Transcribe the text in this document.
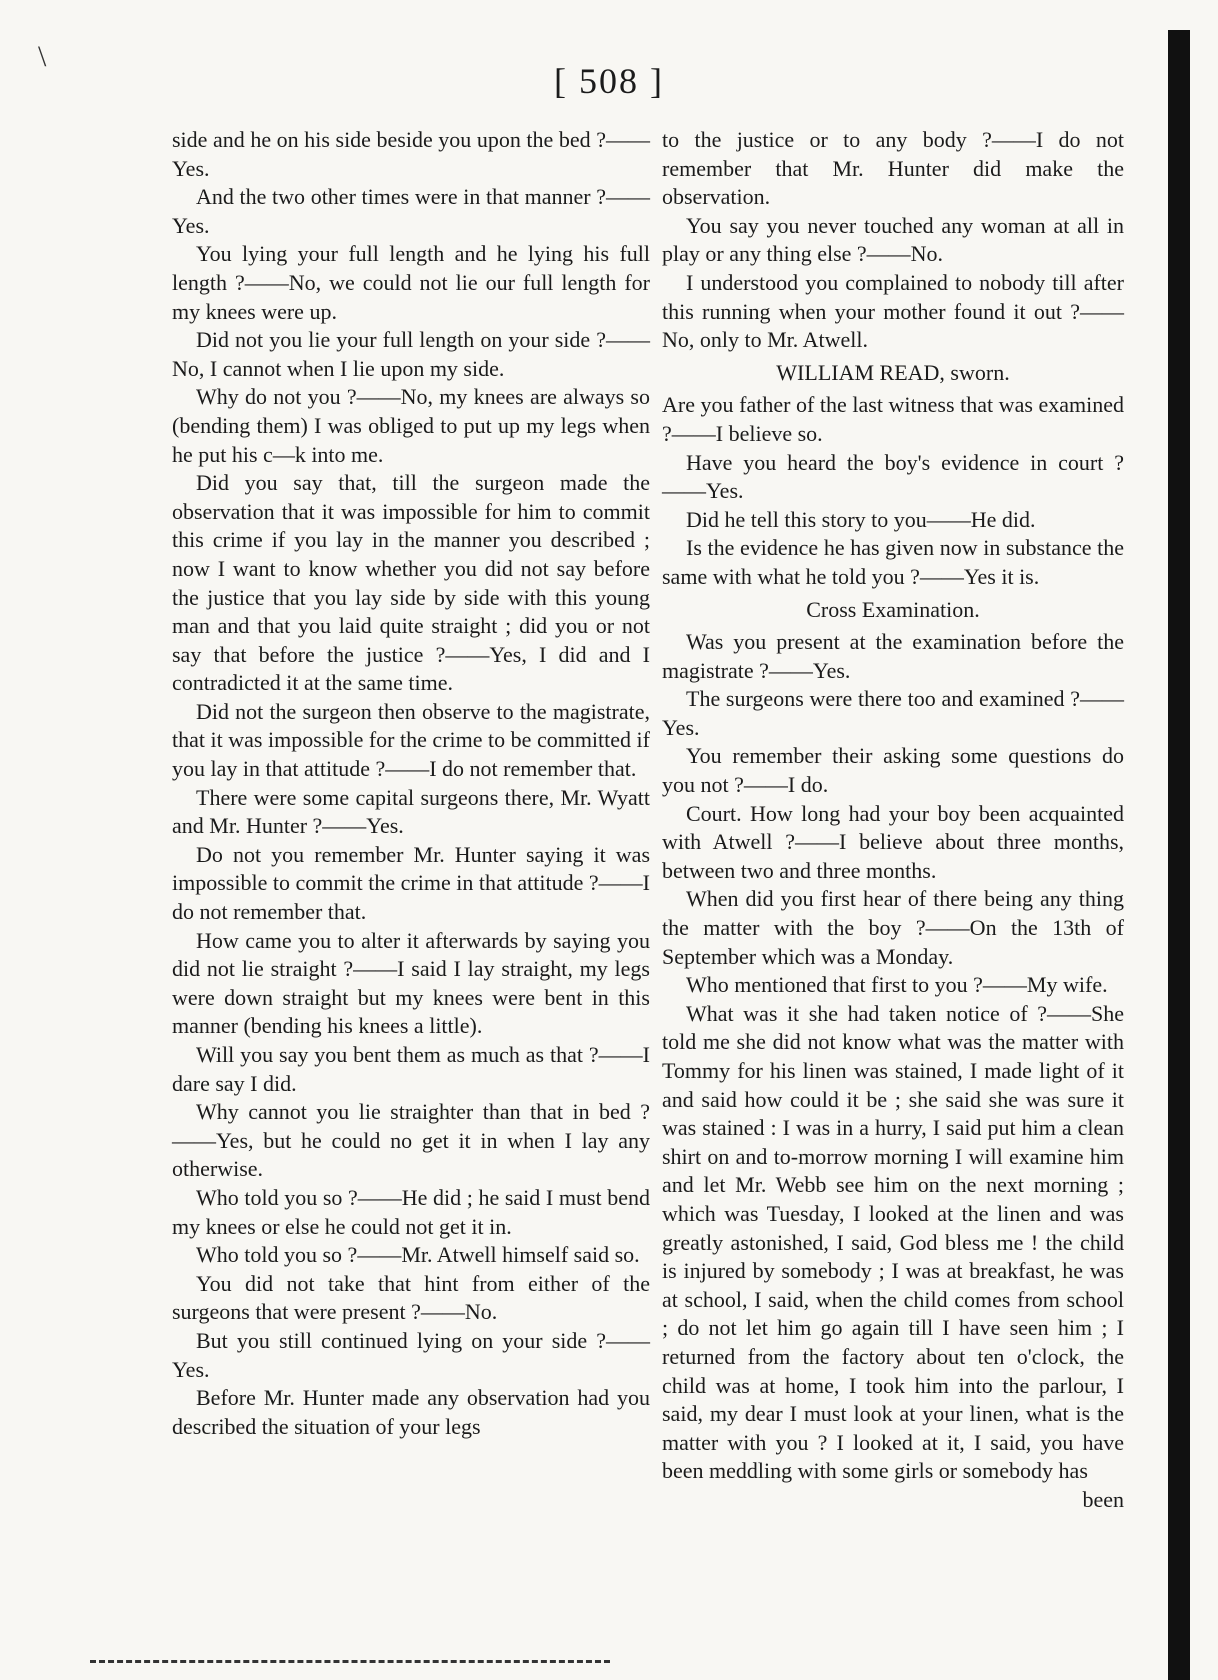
\
[ 508 ]

side and he on his side beside you upon the bed ?——Yes.

And the two other times were in that manner ?——Yes.

You lying your full length and he lying his full length ?——No, we could not lie our full length for my knees were up.

Did not you lie your full length on your side ?——No, I cannot when I lie upon my side.

Why do not you ?——No, my knees are always so (bending them) I was obliged to put up my legs when he put his c—k into me.

Did you say that, till the surgeon made the observation that it was impossible for him to commit this crime if you lay in the manner you described ; now I want to know whether you did not say before the justice that you lay side by side with this young man and that you laid quite straight ; did you or not say that before the justice ?——Yes, I did and I contradicted it at the same time.

Did not the surgeon then observe to the magistrate, that it was impossible for the crime to be committed if you lay in that attitude ?——I do not remember that.

There were some capital surgeons there, Mr. Wyatt and Mr. Hunter ?——Yes.

Do not you remember Mr. Hunter saying it was impossible to commit the crime in that attitude ?——I do not remember that.

How came you to alter it afterwards by saying you did not lie straight ?——I said I lay straight, my legs were down straight but my knees were bent in this manner (bending his knees a little).

Will you say you bent them as much as that ?——I dare say I did.

Why cannot you lie straighter than that in bed ?——Yes, but he could no get it in when I lay any otherwise.

Who told you so ?——He did ; he said I must bend my knees or else he could not get it in.

Who told you so ?——Mr. Atwell himself said so.

You did not take that hint from either of the surgeons that were present ?——No.

But you still continued lying on your side ?——Yes.

Before Mr. Hunter made any observation had you described the situation of your legs

to the justice or to any body ?——I do not remember that Mr. Hunter did make the observation.

You say you never touched any woman at all in play or any thing else ?——No.

I understood you complained to nobody till after this running when your mother found it out ?——No, only to Mr. Atwell.

WILLIAM READ, sworn.

Are you father of the last witness that was examined ?——I believe so.

Have you heard the boy's evidence in court ?——Yes.

Did he tell this story to you——He did.

Is the evidence he has given now in substance the same with what he told you ?——Yes it is.

Cross Examination.

Was you present at the examination before the magistrate ?——Yes.

The surgeons were there too and examined ?——Yes.

You remember their asking some questions do you not ?——I do.

Court. How long had your boy been acquainted with Atwell ?——I believe about three months, between two and three months.

When did you first hear of there being any thing the matter with the boy ?——On the 13th of September which was a Monday.

Who mentioned that first to you ?——My wife.

What was it she had taken notice of ?——She told me she did not know what was the matter with Tommy for his linen was stained, I made light of it and said how could it be ; she said she was sure it was stained : I was in a hurry, I said put him a clean shirt on and to-morrow morning I will examine him and let Mr. Webb see him on the next morning ; which was Tuesday, I looked at the linen and was greatly astonished, I said, God bless me ! the child is injured by somebody ; I was at breakfast, he was at school, I said, when the child comes from school ; do not let him go again till I have seen him ; I returned from the factory about ten o'clock, the child was at home, I took him into the parlour, I said, my dear I must look at your linen, what is the matter with you ? I looked at it, I said, you have been meddling with some girls or somebody has

been
